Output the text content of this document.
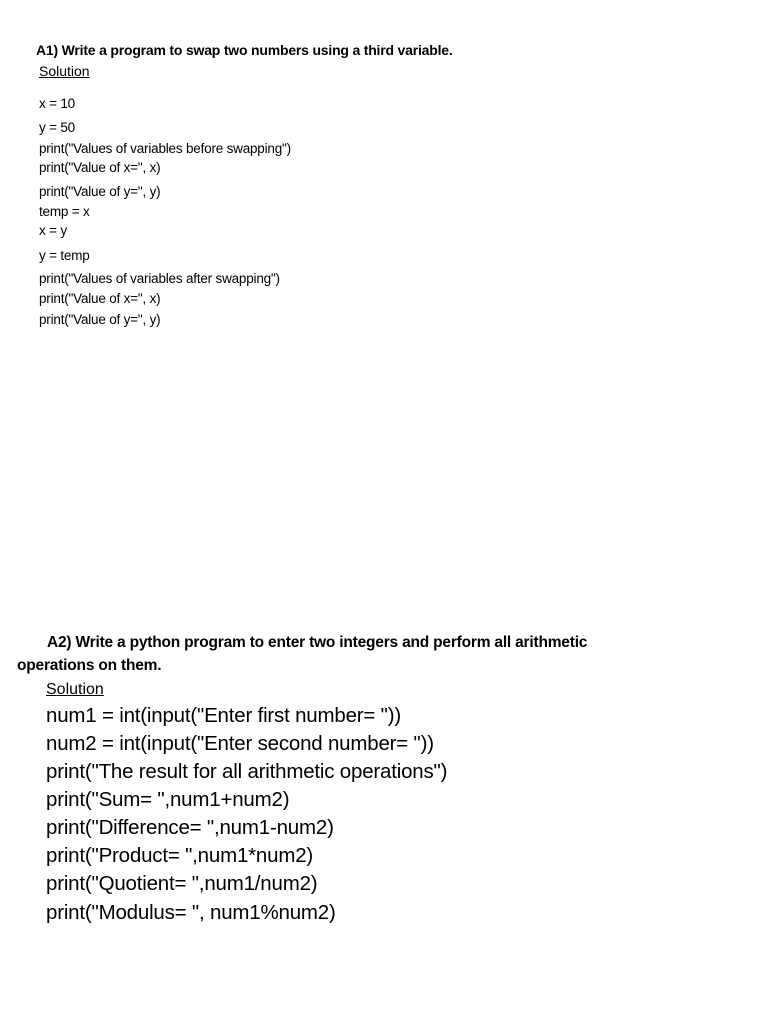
A1) Write a program to swap two numbers using a third variable.
Solution
x = 10
y = 50
print("Values of variables before swapping")
print("Value of x=", x)
print("Value of y=", y)
temp = x
x = y
y = temp
print("Values of variables after swapping")
print("Value of x=", x)
print("Value of y=", y)
A2) Write a python program to enter two integers and perform all arithmetic
operations on them.
Solution
num1 = int(input("Enter first number= "))
num2 = int(input("Enter second number= "))
print("The result for all arithmetic operations")
print("Sum= ",num1+num2)
print("Difference= ",num1-num2)
print("Product= ",num1*num2)
print("Quotient= ",num1/num2)
print("Modulus= ", num1%num2)
